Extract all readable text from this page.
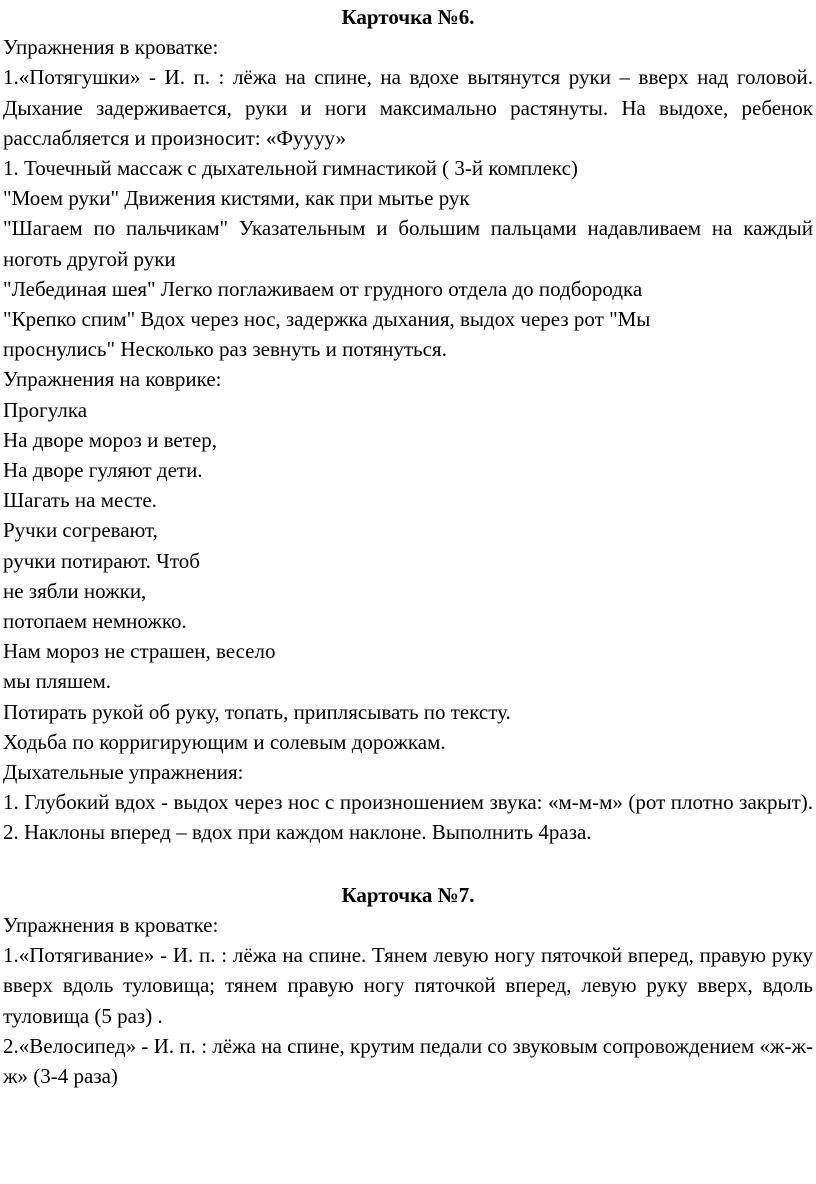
Карточка №6.

Упражнения в кроватке:

1.«Потягушки» - И. п. : лёжа на спине, на вдохе вытянутся руки – вверх над головой. Дыхание задерживается, руки и ноги максимально растянуты. На выдохе, ребенок расслабляется и произносит: «Фуууу»

1. Точечный массаж с дыхательной гимнастикой ( 3-й комплекс)

"Моем руки" Движения кистями, как при мытье рук

"Шагаем по пальчикам" Указательным и большим пальцами надавливаем на каждый ноготь другой руки

"Лебединая шея" Легко поглаживаем от грудного отдела до подбородка

"Крепко спим" Вдох через нос, задержка дыхания, выдох через рот "Мы

проснулись" Несколько раз зевнуть и потянуться.

Упражнения на коврике:

Прогулка

На дворе мороз и ветер,

На дворе гуляют дети.

Шагать на месте.

Ручки согревают,

ручки потирают. Чтоб

не зябли ножки,

потопаем немножко.

Нам мороз не страшен, весело

мы пляшем.

Потирать рукой об руку, топать, приплясывать по тексту.

Ходьба по корригирующим и солевым дорожкам.

Дыхательные упражнения:

1. Глубокий вдох - выдох через нос с произношением звука: «м-м-м» (рот плотно закрыт). 2. Наклоны вперед – вдох при каждом наклоне. Выполнить 4раза.

Карточка №7.

Упражнения в кроватке:

1.«Потягивание» - И. п. : лёжа на спине. Тянем левую ногу пяточкой вперед, правую руку вверх вдоль туловища; тянем правую ногу пяточкой вперед, левую руку вверх, вдоль туловища (5 раз) .

2.«Велосипед» - И. п. : лёжа на спине, крутим педали со звуковым сопровождением «ж-ж-ж» (3-4 раза)
